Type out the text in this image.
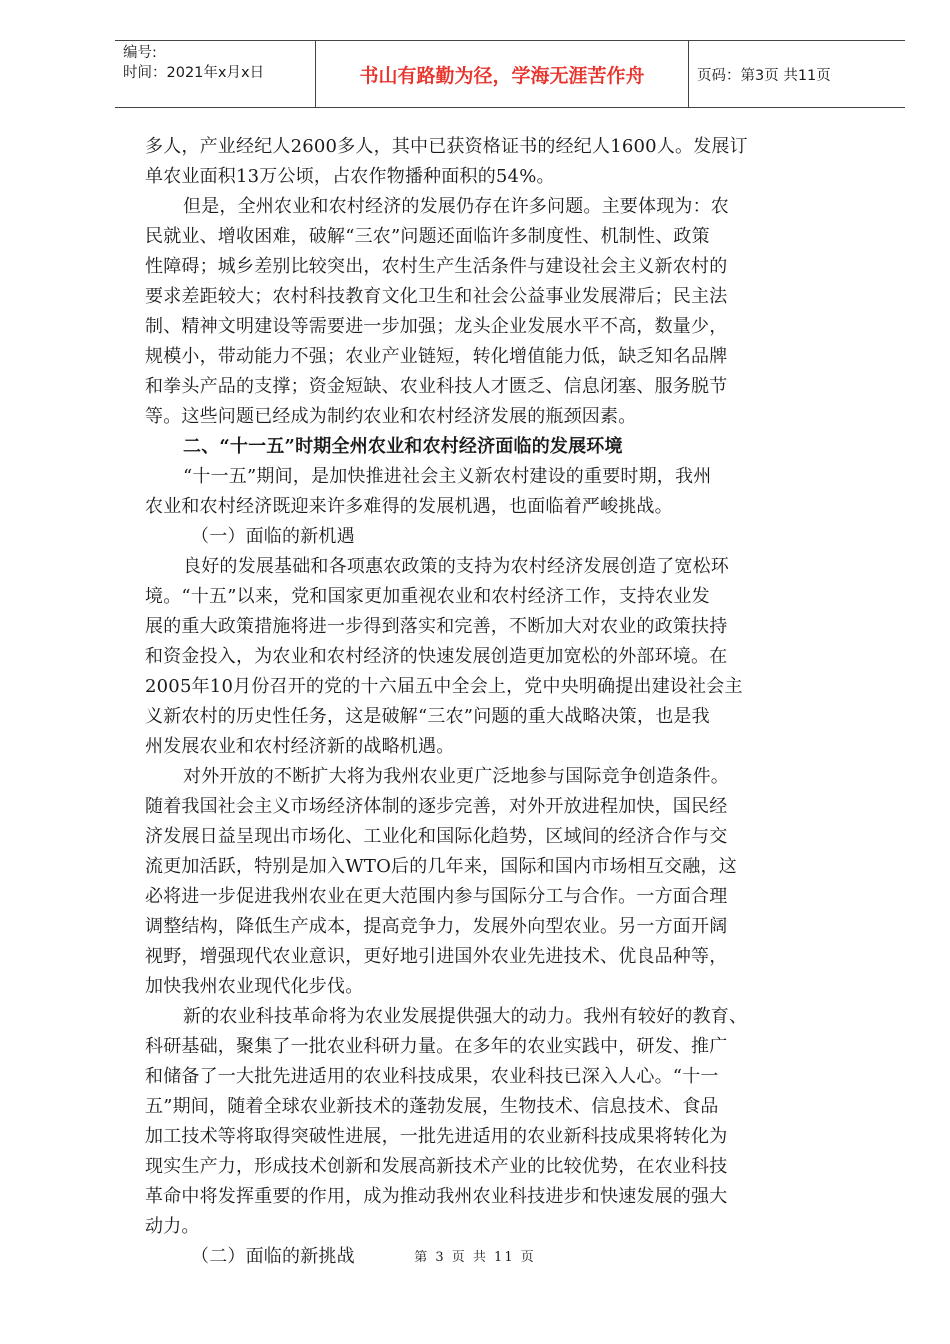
编号:
时间：2021年x月x日	书山有路勤为径，学海无涯苦作舟	页码：第3页 共11页
多人，产业经纪人2600多人，其中已获资格证书的经纪人1600人。发展订
单农业面积13万公顷，占农作物播种面积的54%。
但是，全州农业和农村经济的发展仍存在许多问题。主要体现为：农
民就业、增收困难，破解“三农”问题还面临许多制度性、机制性、政策
性障碍；城乡差别比较突出，农村生产生活条件与建设社会主义新农村的
要求差距较大；农村科技教育文化卫生和社会公益事业发展滞后；民主法
制、精神文明建设等需要进一步加强；龙头企业发展水平不高，数量少，
规模小，带动能力不强；农业产业链短，转化增值能力低，缺乏知名品牌
和拳头产品的支撑；资金短缺、农业科技人才匮乏、信息闭塞、服务脱节
等。这些问题已经成为制约农业和农村经济发展的瓶颈因素。
二、“十一五”时期全州农业和农村经济面临的发展环境
“十一五”期间，是加快推进社会主义新农村建设的重要时期，我州
农业和农村经济既迎来许多难得的发展机遇，也面临着严峻挑战。
（一）面临的新机遇
良好的发展基础和各项惠农政策的支持为农村经济发展创造了宽松环
境。“十五”以来，党和国家更加重视农业和农村经济工作，支持农业发
展的重大政策措施将进一步得到落实和完善，不断加大对农业的政策扶持
和资金投入，为农业和农村经济的快速发展创造更加宽松的外部环境。在
2005年10月份召开的党的十六届五中全会上，党中央明确提出建设社会主
义新农村的历史性任务，这是破解“三农”问题的重大战略决策，也是我
州发展农业和农村经济新的战略机遇。
对外开放的不断扩大将为我州农业更广泛地参与国际竞争创造条件。
随着我国社会主义市场经济体制的逐步完善，对外开放进程加快，国民经
济发展日益呈现出市场化、工业化和国际化趋势，区域间的经济合作与交
流更加活跃，特别是加入WTO后的几年来，国际和国内市场相互交融，这
必将进一步促进我州农业在更大范围内参与国际分工与合作。一方面合理
调整结构，降低生产成本，提高竞争力，发展外向型农业。另一方面开阔
视野，增强现代农业意识，更好地引进国外农业先进技术、优良品种等，
加快我州农业现代化步伐。
新的农业科技革命将为农业发展提供强大的动力。我州有较好的教育、
科研基础，聚集了一批农业科研力量。在多年的农业实践中，研发、推广
和储备了一大批先进适用的农业科技成果，农业科技已深入人心。“十一
五”期间，随着全球农业新技术的蓬勃发展，生物技术、信息技术、食品
加工技术等将取得突破性进展，一批先进适用的农业新科技成果将转化为
现实生产力，形成技术创新和发展高新技术产业的比较优势，在农业科技
革命中将发挥重要的作用，成为推动我州农业科技进步和快速发展的强大
动力。
（二）面临的新挑战	第 3 页 共 11 页
